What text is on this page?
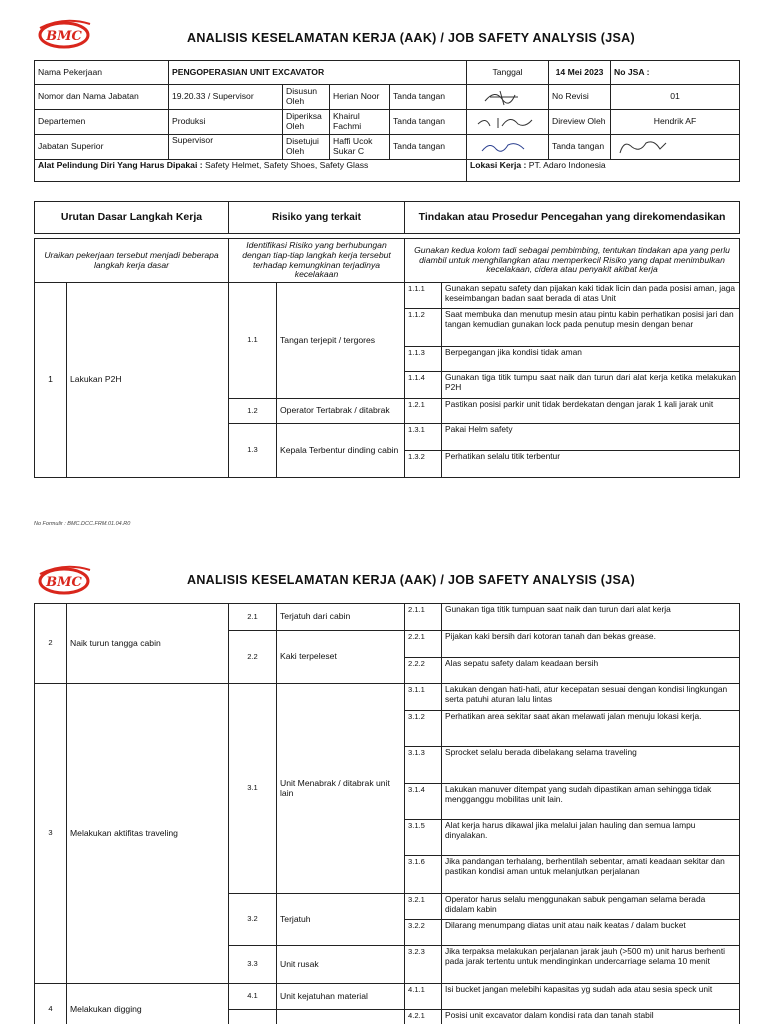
BMC	ANALISIS KESELAMATAN KERJA (AAK) / JOB SAFETY ANALYSIS (JSA)
Nama Pekerjaan	PENGOPERASIAN UNIT EXCAVATOR				Tanggal	14 Mei 2023	No JSA :
Nomor dan Nama Jabatan	19.20.33 / Supervisor	Disusun Oleh	Herian Noor	Tanda tangan		No Revisi	01
Departemen	Produksi	Diperiksa Oleh	Khairul Fachmi	Tanda tangan		Direview Oleh	Hendrik AF
Jabatan Superior	Supervisor	Disetujui Oleh	Haffi Ucok Sukar C	Tanda tangan		Tanda tangan	

Alat Pelindung Diri Yang Harus Dipakai : Safety Helmet, Safety Shoes, Safety Glass					Lokasi Kerja : PT. Adaro Indonesia		
Urutan Dasar Langkah Kerja		Risiko yang terkait		Tindakan atau Prosedur Pencegahan yang direkomendasikan	

Uraikan pekerjaan tersebut menjadi beberapa langkah kerja dasar		Identifikasi Risiko yang berhubungan dengan tiap-tiap langkah kerja tersebut terhadap kemungkinan terjadinya kecelakaan		Gunakan kedua kolom tadi sebagai pembimbing, tentukan tindakan apa yang perlu diambil untuk menghilangkan atau memperkecil Risiko yang dapat menimbulkan kecelakaan, cidera atau penyakit akibat kerja	
1	Lakukan P2H	1.1	Tangan terjepit / tergores	1.1.1	Gunakan sepatu safety dan pijakan kaki tidak licin dan pada posisi aman, jaga keseimbangan badan saat berada di atas Unit
				1.1.2	Saat membuka dan menutup mesin atau pintu kabin perhatikan posisi jari dan tangan kemudian gunakan lock pada penutup mesin dengan benar
				1.1.3	Berpegangan jika kondisi tidak aman
				1.1.4	Gunakan tiga titik tumpu saat naik dan turun dari alat kerja ketika melakukan P2H
		1.2	Operator Tertabrak / ditabrak	1.2.1	Pastikan posisi parkir unit tidak berdekatan dengan jarak 1 kali jarak unit
		1.3	Kepala Terbentur dinding cabin	1.3.1	Pakai Helm safety
				1.3.2	Perhatikan selalu titik terbentur
No Formulir : BMC.DCC.FRM.01.04.R0
BMC	ANALISIS KESELAMATAN KERJA (AAK) / JOB SAFETY ANALYSIS (JSA)
2	Naik turun tangga cabin	2.1	Terjatuh dari cabin	2.1.1	Gunakan tiga titik tumpuan saat naik dan turun dari alat kerja
		2.2	Kaki terpeleset	2.2.1	Pijakan kaki bersih dari kotoran tanah dan bekas grease.
				2.2.2	Alas sepatu safety dalam keadaan bersih
3	Melakukan aktifitas traveling	3.1	Unit Menabrak / ditabrak unit lain	3.1.1	Lakukan dengan hati-hati, atur kecepatan sesuai dengan kondisi lingkungan serta patuhi aturan lalu lintas
				3.1.2	Perhatikan area sekitar saat akan melawati jalan menuju lokasi kerja.
				3.1.3	Sprocket selalu berada dibelakang selama traveling
				3.1.4	Lakukan manuver ditempat yang sudah dipastikan aman sehingga tidak mengganggu mobilitas unit lain.
				3.1.5	Alat kerja harus dikawal jika melalui jalan hauling dan semua lampu dinyalakan.
				3.1.6	Jika pandangan terhalang, berhentilah sebentar, amati keadaan sekitar dan pastikan kondisi aman untuk melanjutkan perjalanan
		3.2	Terjatuh	3.2.1	Operator harus selalu menggunakan sabuk pengaman selama berada didalam kabin
				3.2.2	Dilarang menumpang diatas unit atau naik keatas / dalam bucket
		3.3	Unit rusak	3.2.3	Jika terpaksa melakukan perjalanan jarak jauh (>500 m) unit harus berhenti pada jarak tertentu untuk mendinginkan undercarriage selama 10 menit
4	Melakukan digging	4.1	Unit kejatuhan material	4.1.1	Isi bucket jangan melebihi kapasitas yg sudah ada atau sesia speck unit
				4.2.1	Posisi unit excavator dalam kondisi rata dan tanah stabil
